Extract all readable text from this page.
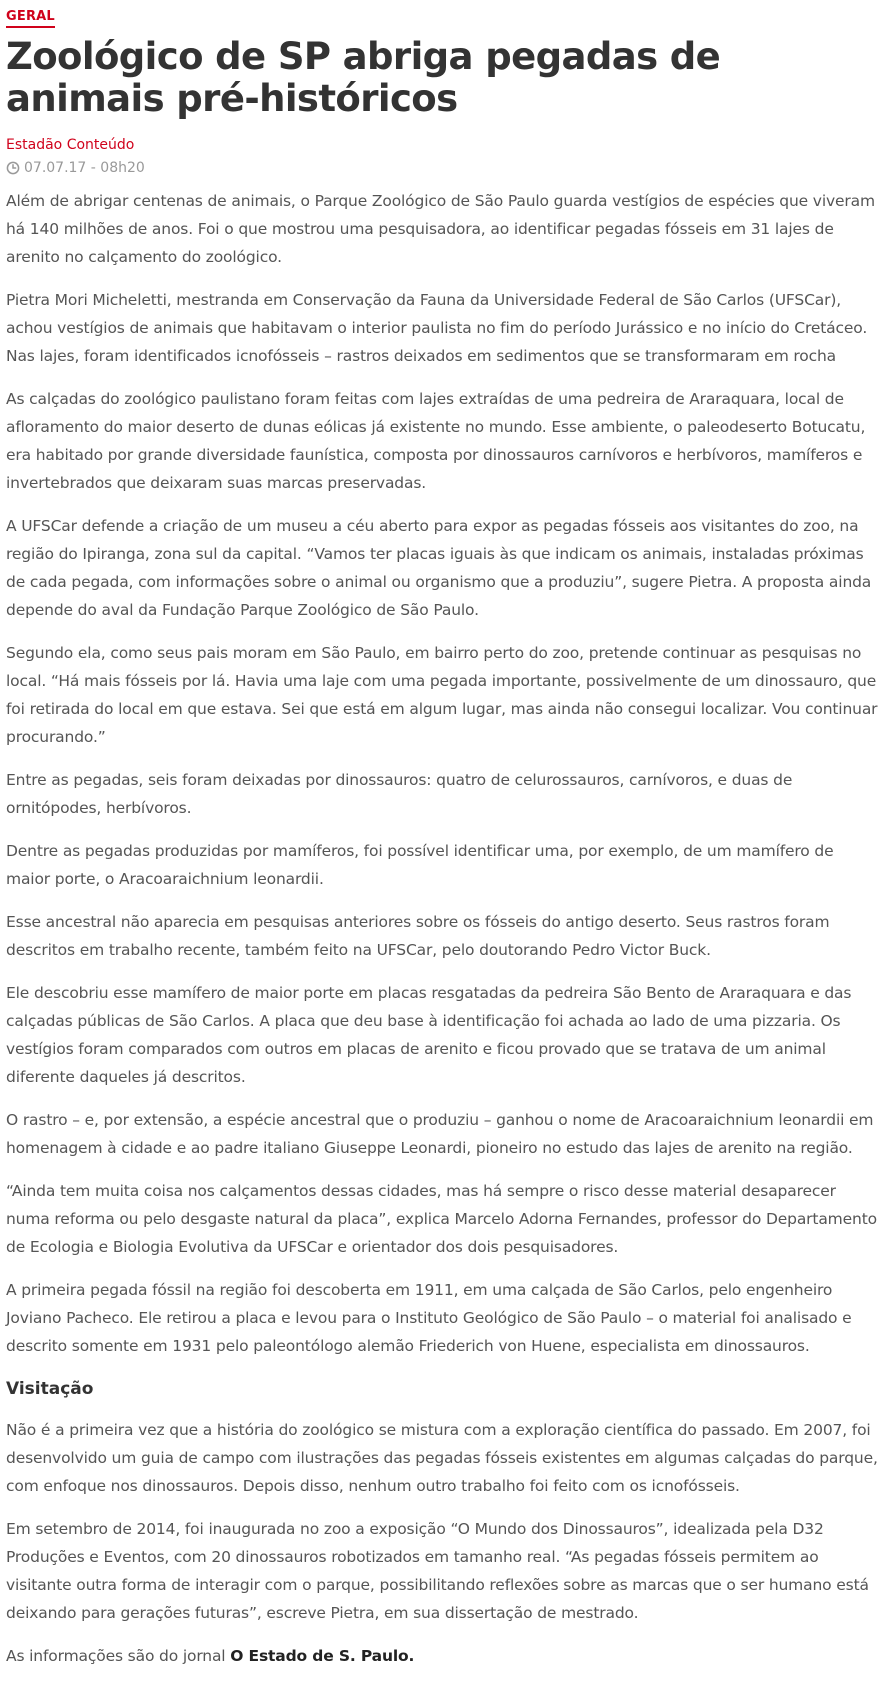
GERAL
Zoológico de SP abriga pegadas de animais pré-históricos
Estadão Conteúdo
07.07.17 - 08h20

Além de abrigar centenas de animais, o Parque Zoológico de São Paulo guarda vestígios de espécies que viveram há 140 milhões de anos. Foi o que mostrou uma pesquisadora, ao identificar pegadas fósseis em 31 lajes de arenito no calçamento do zoológico.

Pietra Mori Micheletti, mestranda em Conservação da Fauna da Universidade Federal de São Carlos (UFSCar), achou vestígios de animais que habitavam o interior paulista no fim do período Jurássico e no início do Cretáceo. Nas lajes, foram identificados icnofósseis – rastros deixados em sedimentos que se transformaram em rocha

As calçadas do zoológico paulistano foram feitas com lajes extraídas de uma pedreira de Araraquara, local de afloramento do maior deserto de dunas eólicas já existente no mundo. Esse ambiente, o paleodeserto Botucatu, era habitado por grande diversidade faunística, composta por dinossauros carnívoros e herbívoros, mamíferos e invertebrados que deixaram suas marcas preservadas.

A UFSCar defende a criação de um museu a céu aberto para expor as pegadas fósseis aos visitantes do zoo, na região do Ipiranga, zona sul da capital. “Vamos ter placas iguais às que indicam os animais, instaladas próximas de cada pegada, com informações sobre o animal ou organismo que a produziu”, sugere Pietra. A proposta ainda depende do aval da Fundação Parque Zoológico de São Paulo.

Segundo ela, como seus pais moram em São Paulo, em bairro perto do zoo, pretende continuar as pesquisas no local. “Há mais fósseis por lá. Havia uma laje com uma pegada importante, possivelmente de um dinossauro, que foi retirada do local em que estava. Sei que está em algum lugar, mas ainda não consegui localizar. Vou continuar procurando.”

Entre as pegadas, seis foram deixadas por dinossauros: quatro de celurossauros, carnívoros, e duas de ornitópodes, herbívoros.

Dentre as pegadas produzidas por mamíferos, foi possível identificar uma, por exemplo, de um mamífero de maior porte, o Aracoaraichnium leonardii.

Esse ancestral não aparecia em pesquisas anteriores sobre os fósseis do antigo deserto. Seus rastros foram descritos em trabalho recente, também feito na UFSCar, pelo doutorando Pedro Victor Buck.

Ele descobriu esse mamífero de maior porte em placas resgatadas da pedreira São Bento de Araraquara e das calçadas públicas de São Carlos. A placa que deu base à identificação foi achada ao lado de uma pizzaria. Os vestígios foram comparados com outros em placas de arenito e ficou provado que se tratava de um animal diferente daqueles já descritos.

O rastro – e, por extensão, a espécie ancestral que o produziu – ganhou o nome de Aracoaraichnium leonardii em homenagem à cidade e ao padre italiano Giuseppe Leonardi, pioneiro no estudo das lajes de arenito na região.

“Ainda tem muita coisa nos calçamentos dessas cidades, mas há sempre o risco desse material desaparecer numa reforma ou pelo desgaste natural da placa”, explica Marcelo Adorna Fernandes, professor do Departamento de Ecologia e Biologia Evolutiva da UFSCar e orientador dos dois pesquisadores.

A primeira pegada fóssil na região foi descoberta em 1911, em uma calçada de São Carlos, pelo engenheiro Joviano Pacheco. Ele retirou a placa e levou para o Instituto Geológico de São Paulo – o material foi analisado e descrito somente em 1931 pelo paleontólogo alemão Friederich von Huene, especialista em dinossauros.

Visitação

Não é a primeira vez que a história do zoológico se mistura com a exploração científica do passado. Em 2007, foi desenvolvido um guia de campo com ilustrações das pegadas fósseis existentes em algumas calçadas do parque, com enfoque nos dinossauros. Depois disso, nenhum outro trabalho foi feito com os icnofósseis.

Em setembro de 2014, foi inaugurada no zoo a exposição “O Mundo dos Dinossauros”, idealizada pela D32 Produções e Eventos, com 20 dinossauros robotizados em tamanho real. “As pegadas fósseis permitem ao visitante outra forma de interagir com o parque, possibilitando reflexões sobre as marcas que o ser humano está deixando para gerações futuras”, escreve Pietra, em sua dissertação de mestrado.

As informações são do jornal O Estado de S. Paulo.
